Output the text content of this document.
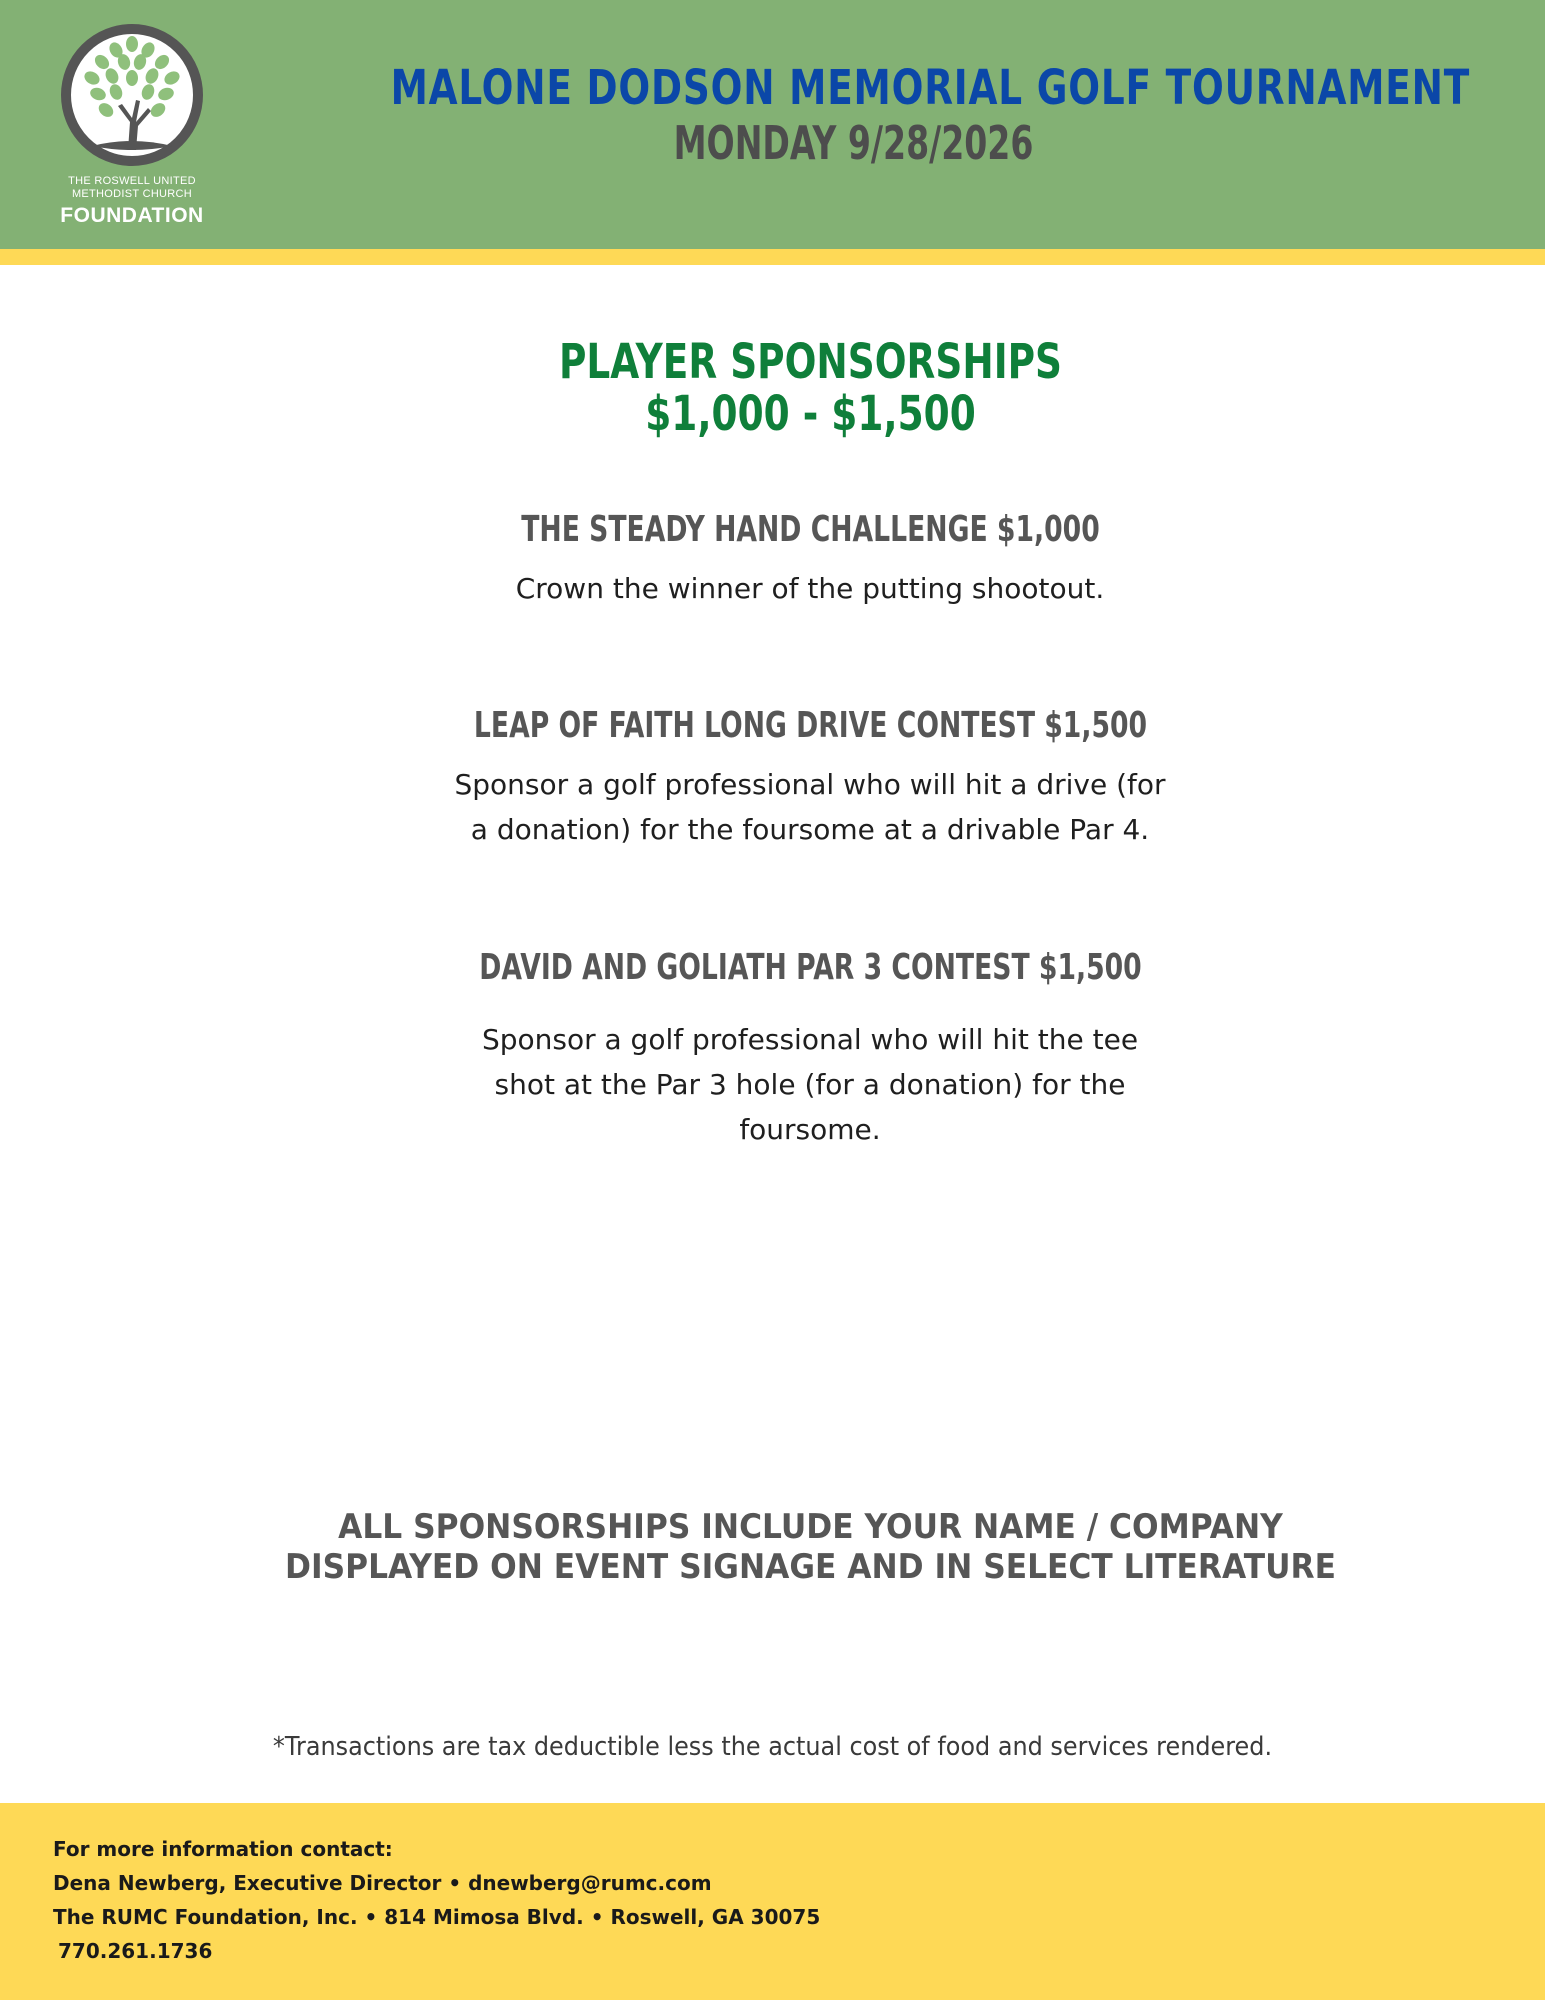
THE ROSWELL UNITED
METHODIST CHURCH
FOUNDATION
MALONE DODSON MEMORIAL GOLF TOURNAMENT
MONDAY 9/28/2026
PLAYER SPONSORSHIPS
$1,000 - $1,500
THE STEADY HAND CHALLENGE $1,000
Crown the winner of the putting shootout.
LEAP OF FAITH LONG DRIVE CONTEST $1,500
Sponsor a golf professional who will hit a drive (for
a donation) for the foursome at a drivable Par 4.
DAVID AND GOLIATH PAR 3 CONTEST $1,500
Sponsor a golf professional who will hit the tee
shot at the Par 3 hole (for a donation) for the
foursome.
ALL SPONSORSHIPS INCLUDE YOUR NAME / COMPANY
DISPLAYED ON EVENT SIGNAGE AND IN SELECT LITERATURE
*Transactions are tax deductible less the actual cost of food and services rendered.
For more information contact:
Dena Newberg, Executive Director • dnewberg@rumc.com
The RUMC Foundation, Inc. • 814 Mimosa Blvd. • Roswell, GA 30075
770.261.1736
